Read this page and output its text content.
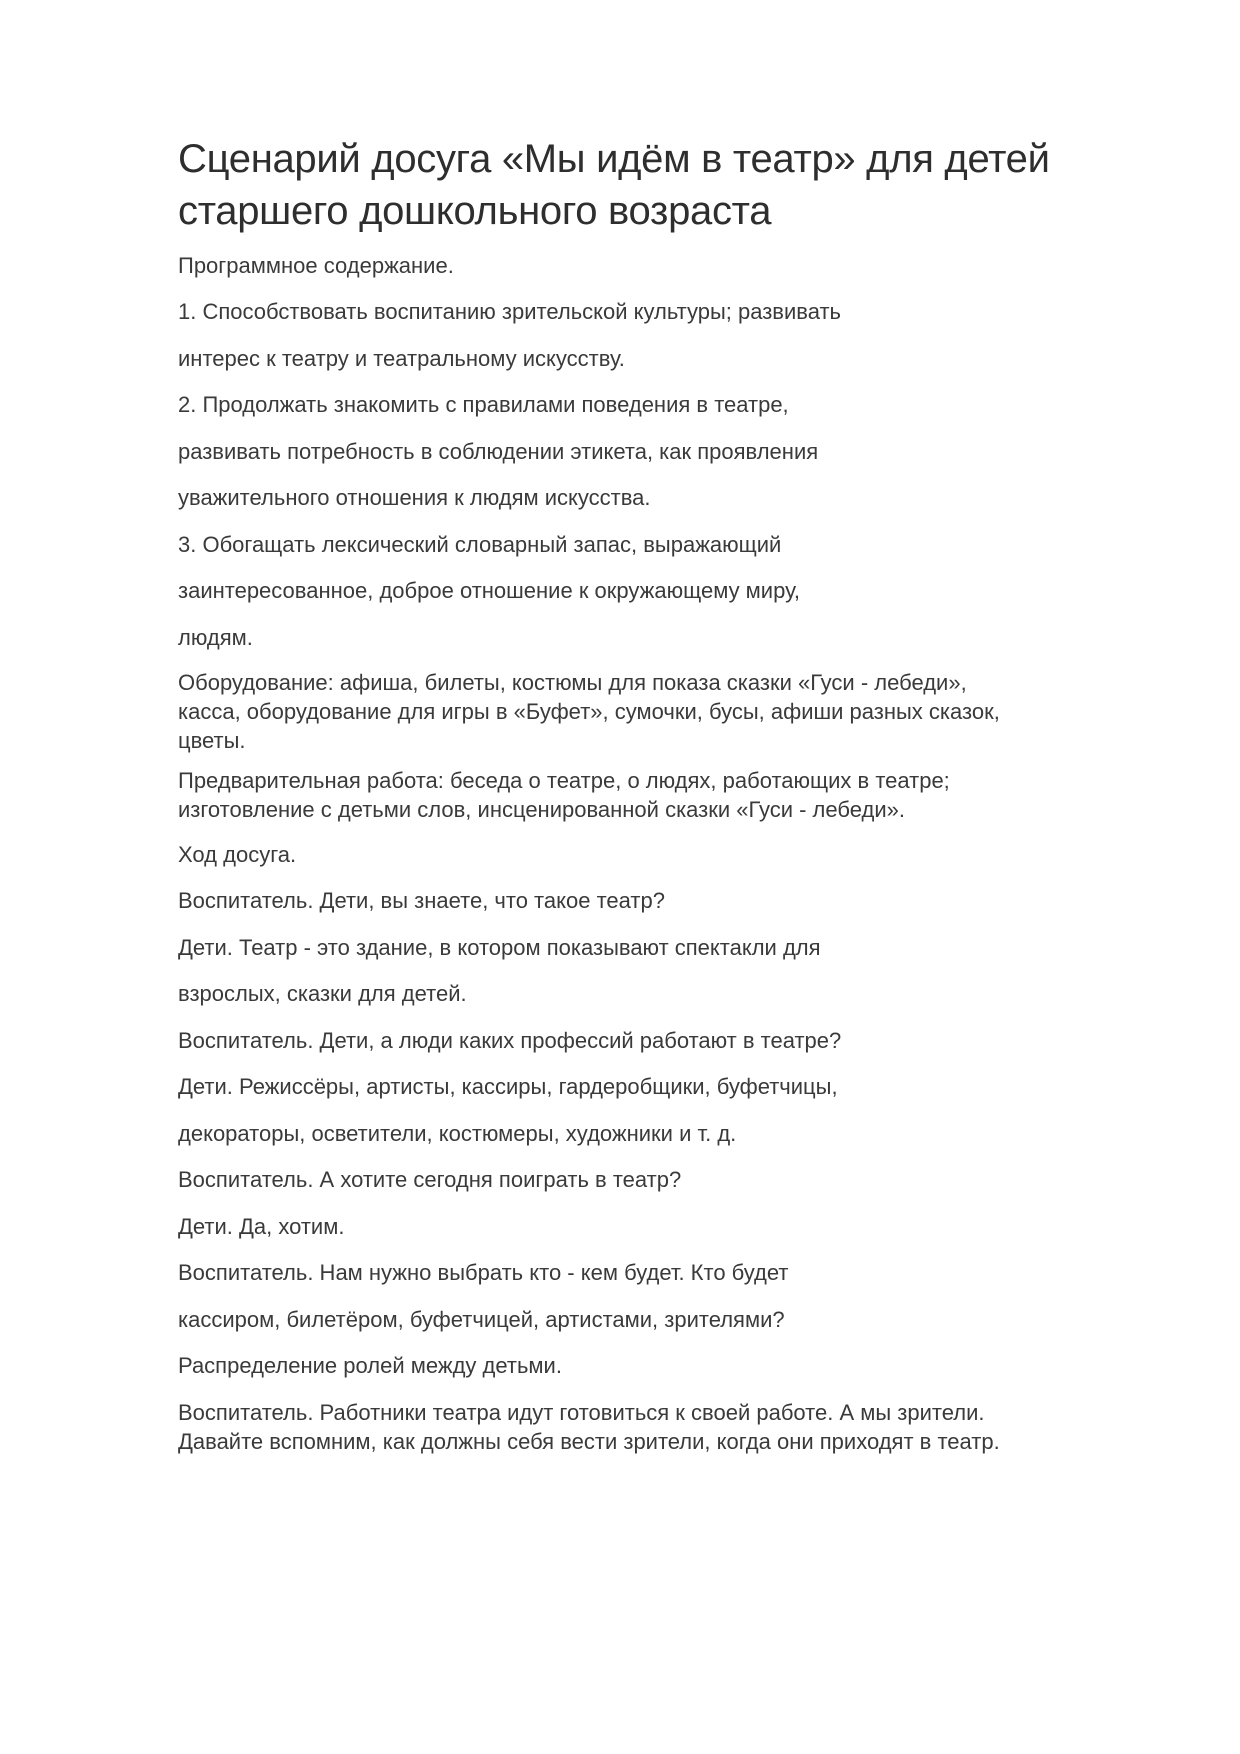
Сценарий досуга «Мы идём в театр» для детей
старшего дошкольного возраста

Программное содержание.

1. Способствовать воспитанию зрительской культуры; развивать

интерес к театру и театральному искусству.

2. Продолжать знакомить с правилами поведения в театре,

развивать потребность в соблюдении этикета, как проявления

уважительного отношения к людям искусства.

3. Обогащать лексический словарный запас, выражающий

заинтересованное, доброе отношение к окружающему миру,

людям.

Оборудование: афиша, билеты, костюмы для показа сказки «Гуси - лебеди»,
касса, оборудование для игры в «Буфет», сумочки, бусы, афиши разных сказок,
цветы.
Предварительная работа: беседа о театре, о людях, работающих в театре;
изготовление с детьми слов, инсценированной сказки «Гуси - лебеди».

Ход досуга.

Воспитатель. Дети, вы знаете, что такое театр?

Дети. Театр - это здание, в котором показывают спектакли для

взрослых, сказки для детей.

Воспитатель. Дети, а люди каких профессий работают в театре?

Дети. Режиссёры, артисты, кассиры, гардеробщики, буфетчицы,

декораторы, осветители, костюмеры, художники и т. д.

Воспитатель. А хотите сегодня поиграть в театр?

Дети. Да, хотим.

Воспитатель. Нам нужно выбрать кто - кем будет. Кто будет

кассиром, билетёром, буфетчицей, артистами, зрителями?

Распределение ролей между детьми.

Воспитатель. Работники театра идут готовиться к своей работе. А мы зрители.
Давайте вспомним, как должны себя вести зрители, когда они приходят в театр.
